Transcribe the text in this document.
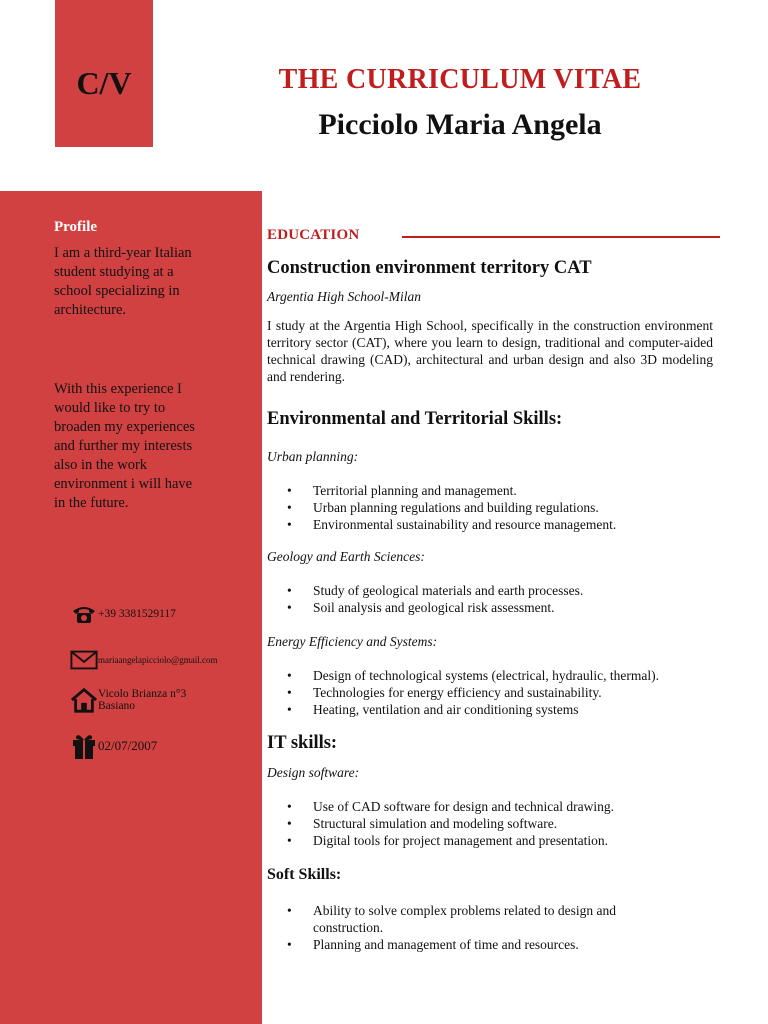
C/V	THE CURRICULUM VITAE
Picciolo Maria Angela
Profile
I am a third-year Italian student studying at a school specializing in architecture.
With this experience I would like to try to broaden my experiences and further my interests also in the work environment i will have in the future.
+39 3381529117
mariaangelapicciolo@gmail.com
Vicolo Brianza n°3
Basiano
02/07/2007
EDUCATION
Construction environment territory CAT
Argentia High School-Milan
I study at the Argentia High School, specifically in the construction environment territory sector (CAT), where you learn to design, traditional and computer-aided technical drawing (CAD), architectural and urban design and also 3D modeling and rendering.
Environmental and Territorial Skills:
Urban planning:
• Territorial planning and management.
• Urban planning regulations and building regulations.
• Environmental sustainability and resource management.
Geology and Earth Sciences:
• Study of geological materials and earth processes.
• Soil analysis and geological risk assessment.
Energy Efficiency and Systems:
• Design of technological systems (electrical, hydraulic, thermal).
• Technologies for energy efficiency and sustainability.
• Heating, ventilation and air conditioning systems
IT skills:
Design software:
• Use of CAD software for design and technical drawing.
• Structural simulation and modeling software.
• Digital tools for project management and presentation.
Soft Skills:
• Ability to solve complex problems related to design and construction.
• Planning and management of time and resources.
